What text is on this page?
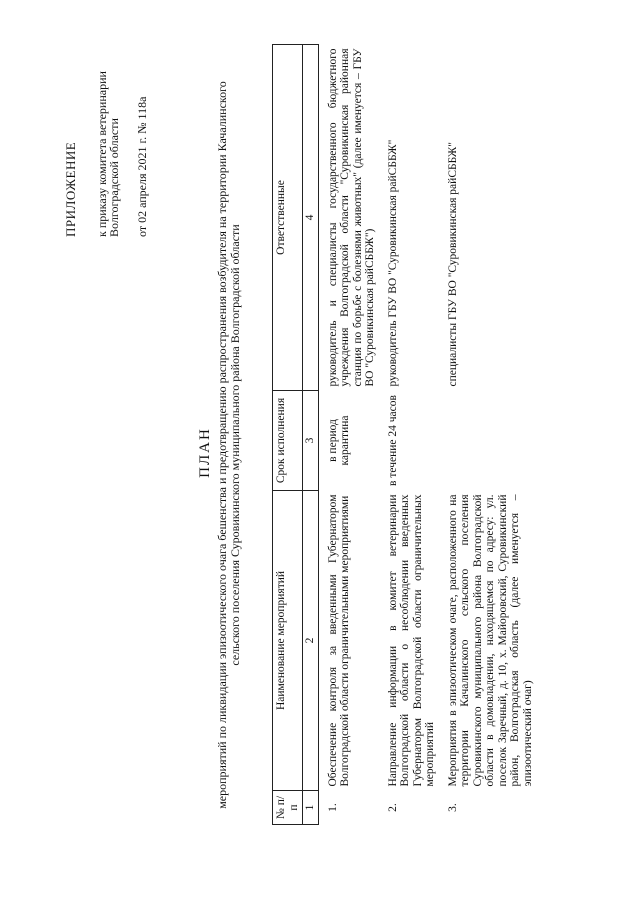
ПРИЛОЖЕНИЕ к приказу комитета ветеринарии
Волгоградской области от 02 апреля 2021 г. № 118а
ПЛАН мероприятий по ликвидации эпизоотического очага бешенства и предотвращению распространения возбудителя на территории Качалинского сельского поселения Суровикинского муниципального района Волгоградской области
№ п/п	Наименование мероприятий	Срок исполнения	Ответственные
1	2	3	4
1.	Обеспечение контроля за введенными Губернатором Волгоградской области ограничительными мероприятиями	в период карантина	руководитель и специалисты государственного бюджетного учреждения Волгоградской области "Суровикинская районная станция по борьбе с болезнями животных" (далее именуется – ГБУ ВО "Суровикинская райСББЖ")
2.	Направление информации в комитет ветеринарии Волгоградской области о несоблюдении введенных Губернатором Волгоградской области ограничительных мероприятий	в течение 24 часов	руководитель ГБУ ВО "Суровикинская райСББЖ"
3.	Мероприятия в эпизоотическом очаге, расположенного на территории Качалинского сельского поселения Суровикинского муниципального района Волгоградской области в домовладении, находящемся по адресу: ул. поселок Заречный, д. 10, х. Майоровский, Суровикинский район, Волгоградская область (далее именуется – эпизоотический очаг)		специалисты ГБУ ВО "Суровикинская райСББЖ"
